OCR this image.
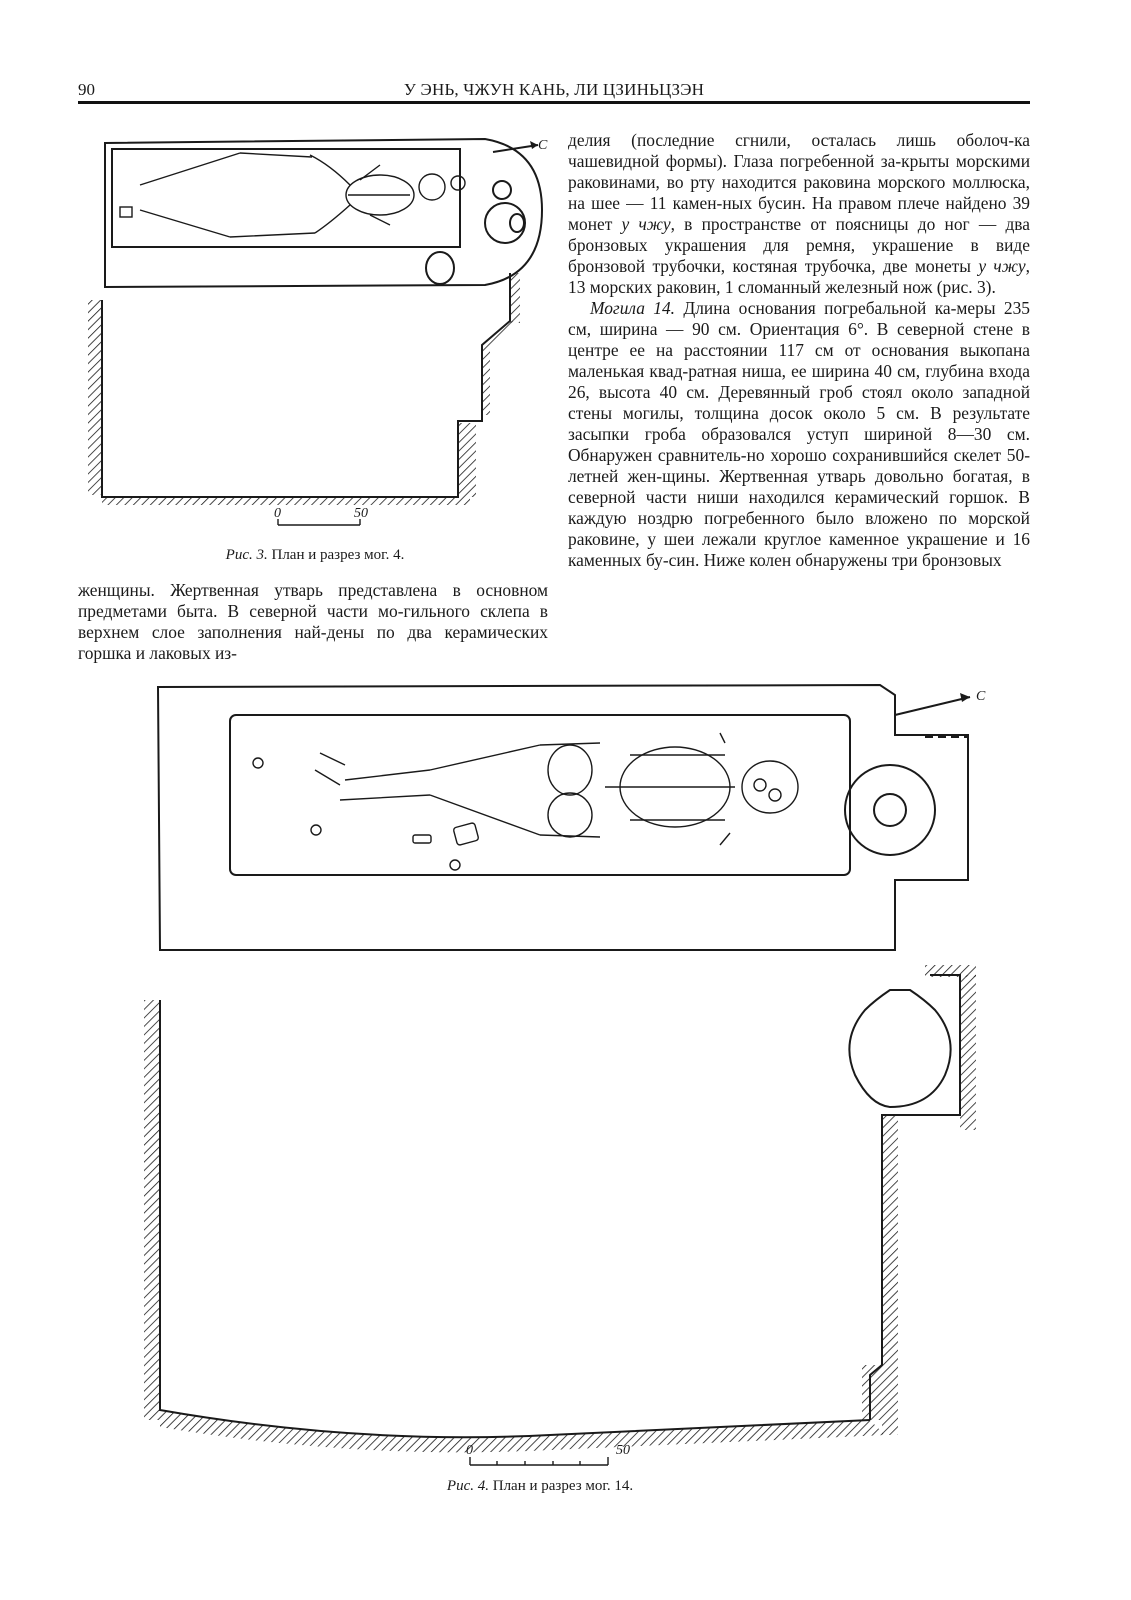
90	У ЭНЬ, ЧЖУН КАНЬ, ЛИ ЦЗИНЬЦЗЭН
0	50
С
Рис. 3. План и разрез мог. 4.

женщины. Жертвенная утварь представлена в основном предметами быта. В северной части мо-гильного склепа в верхнем слое заполнения най-дены по два керамических горшка и лаковых из-

делия (последние сгнили, осталась лишь оболоч-ка чашевидной формы). Глаза погребенной за-крыты морскими раковинами, во рту находится раковина морского моллюска, на шее — 11 камен-ных бусин. На правом плече найдено 39 монет у чжу, в пространстве от поясницы до ног — два бронзовых украшения для ремня, украшение в виде бронзовой трубочки, костяная трубочка, две монеты у чжу, 13 морских раковин, 1 сломанный железный нож (рис. 3).

Могила 14. Длина основания погребальной ка-меры 235 см, ширина — 90 см. Ориентация 6°. В северной стене в центре ее на расстоянии 117 см от основания выкопана маленькая квад-ратная ниша, ее ширина 40 см, глубина входа 26, высота 40 см. Деревянный гроб стоял около западной стены могилы, толщина досок около 5 см. В результате засыпки гроба образовался уступ шириной 8—30 см. Обнаружен сравнитель-но хорошо сохранившийся скелет 50-летней жен-щины. Жертвенная утварь довольно богатая, в северной части ниши находился керамический горшок. В каждую ноздрю погребенного было вложено по морской раковине, у шеи лежали круглое каменное украшение и 16 каменных бу-син. Ниже колен обнаружены три бронзовых

0	50
С
Рис. 4. План и разрез мог. 14.
